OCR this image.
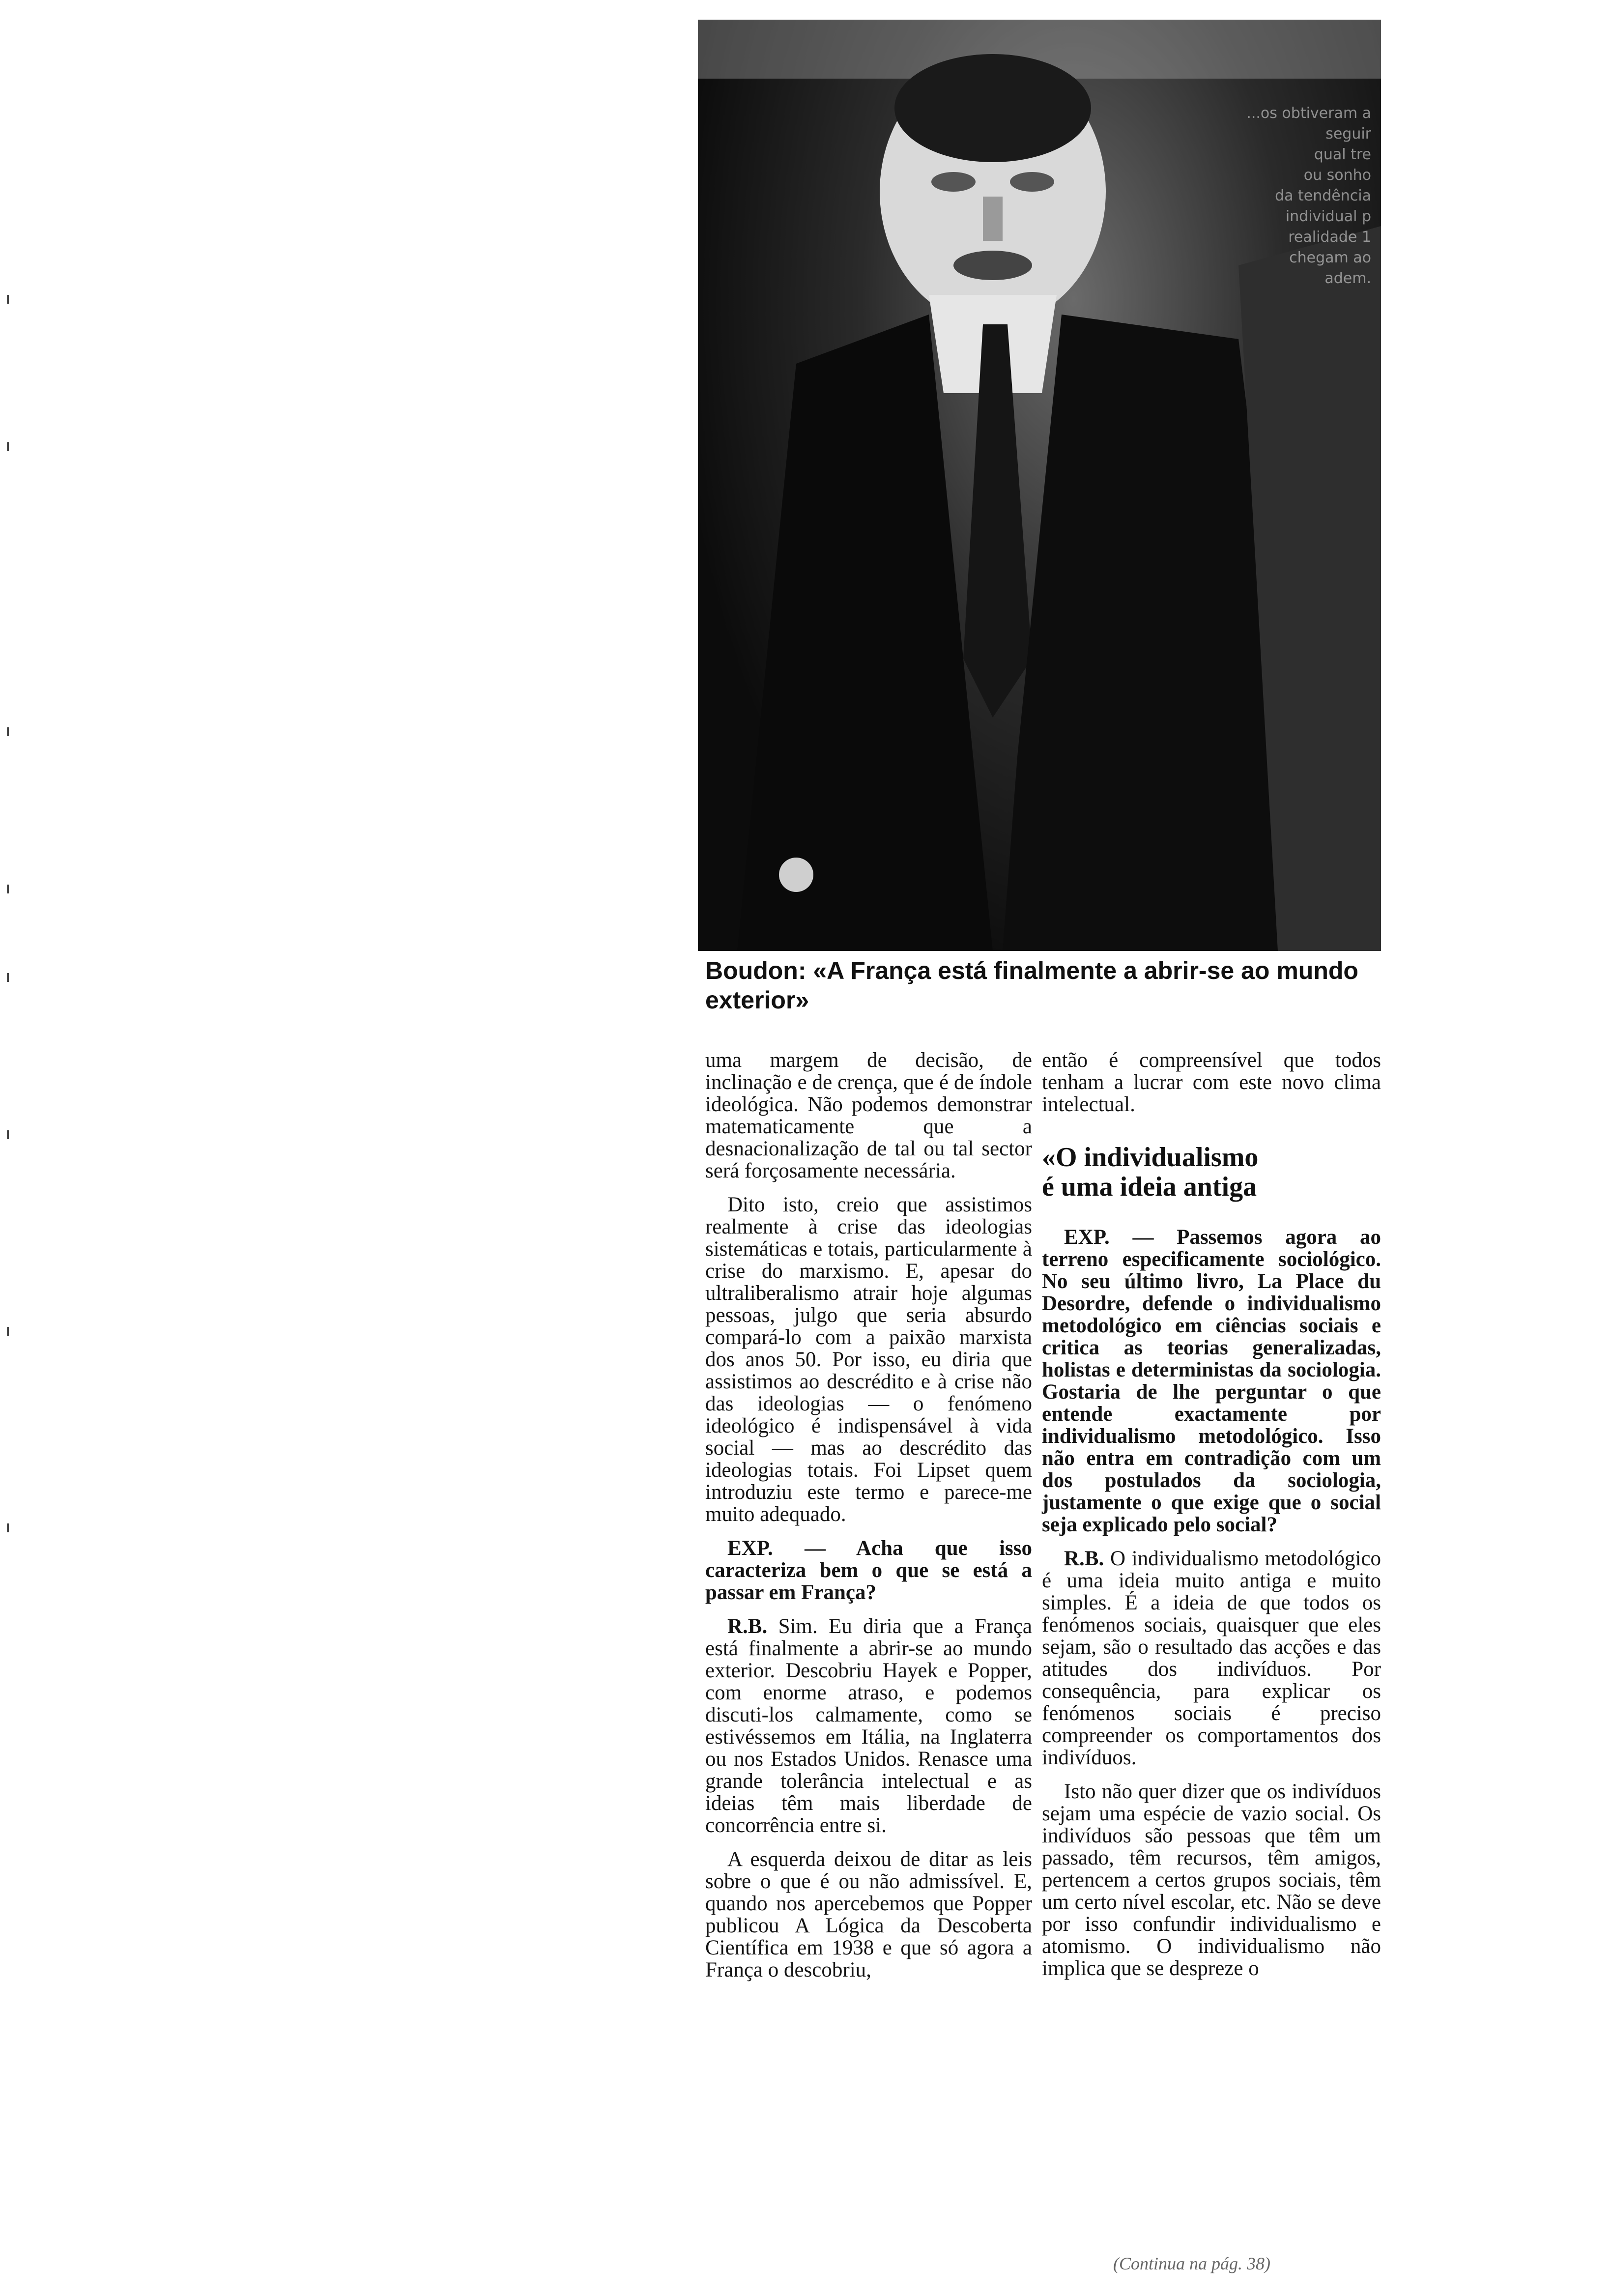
...os obtiveram a
seguir
qual tre
ou sonho
da tendência
individual p
realidade 1
chegam ao
adem.
Boudon: «A França está finalmente a abrir-se ao mundo exterior»

uma margem de decisão, de inclinação e de crença, que é de índole ideológica. Não podemos demonstrar matematicamente que a desnacionalização de tal ou tal sector será forçosamente necessária.

Dito isto, creio que assistimos realmente à crise das ideologias sistemáticas e totais, particularmente à crise do marxismo. E, apesar do ultraliberalismo atrair hoje algumas pessoas, julgo que seria absurdo compará-lo com a paixão marxista dos anos 50. Por isso, eu diria que assistimos ao descrédito e à crise não das ideologias — o fenómeno ideológico é indispensável à vida social — mas ao descrédito das ideologias totais. Foi Lipset quem introduziu este termo e parece-me muito adequado.

EXP. — Acha que isso caracteriza bem o que se está a passar em França?

R.B. Sim. Eu diria que a França está finalmente a abrir-se ao mundo exterior. Descobriu Hayek e Popper, com enorme atraso, e podemos discuti-los calmamente, como se estivéssemos em Itália, na Inglaterra ou nos Estados Unidos. Renasce uma grande tolerância intelectual e as ideias têm mais liberdade de concorrência entre si.

A esquerda deixou de ditar as leis sobre o que é ou não admissível. E, quando nos apercebemos que Popper publicou A Lógica da Descoberta Científica em 1938 e que só agora a França o descobriu,

então é compreensível que todos tenham a lucrar com este novo clima intelectual.

«O individualismo
é uma ideia antiga

EXP. — Passemos agora ao terreno especificamente sociológico. No seu último livro, La Place du Desordre, defende o individualismo metodológico em ciências sociais e critica as teorias generalizadas, holistas e deterministas da sociologia. Gostaria de lhe perguntar o que entende exactamente por individualismo metodológico. Isso não entra em contradição com um dos postulados da sociologia, justamente o que exige que o social seja explicado pelo social?

R.B. O individualismo metodológico é uma ideia muito antiga e muito simples. É a ideia de que todos os fenómenos sociais, quaisquer que eles sejam, são o resultado das acções e das atitudes dos indivíduos. Por consequência, para explicar os fenómenos sociais é preciso compreender os comportamentos dos indivíduos.

Isto não quer dizer que os indivíduos sejam uma espécie de vazio social. Os indivíduos são pessoas que têm um passado, têm recursos, têm amigos, pertencem a certos grupos sociais, têm um certo nível escolar, etc. Não se deve por isso confundir individualismo e atomismo. O individualismo não implica que se despreze o

(Continua na pág. 38)
